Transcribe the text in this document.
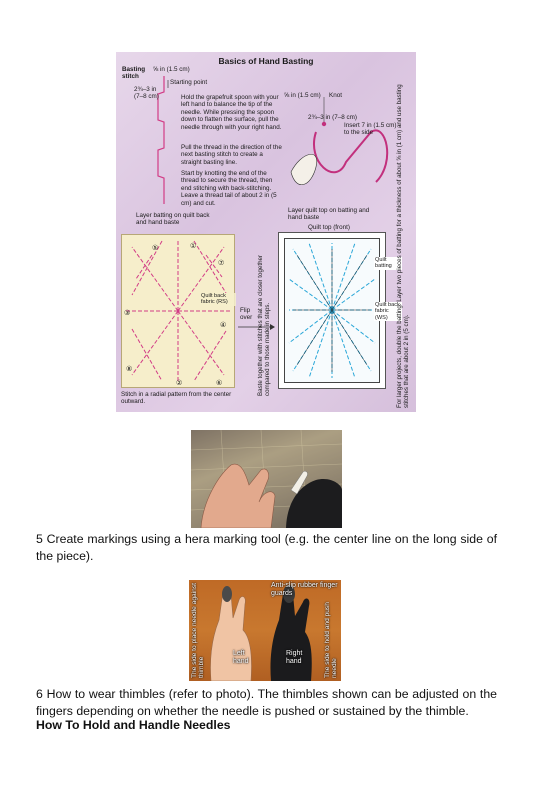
Basics of Hand Basting
Basting stitch
⅝ in (1.5 cm)
Starting point
2¾–3 in (7–8 cm)	Hold the grapefruit spoon with your left hand to balance the tip of the needle. While pressing the spoon down to flatten the surface, pull the needle through with your right hand.
Pull the thread in the direction of the next basting stitch to create a straight basting line.
Start by knotting the end of the thread to secure the thread, then end stitching with back-stitching. Leave a thread tail of about 2 in (5 cm) and cut.
⅝ in (1.5 cm) Knot
2¾–3 in (7–8 cm)
Insert 7 in (1.5 cm) to the side
Layer batting on quilt back and hand baste
Layer quilt top on batting and hand baste
⑤	①
⑦
③
④
⑧
②	⑥
Quilt back fabric (RS)
Flip over
Quilt top (front)
Quilt batting
Quilt back fabric (WS)
Stitch in a radial pattern from the center outward.
Baste together with stitches that are closer together compared to those made in steps.	For larger projects, double the batting. Layer two pieces of batting for a thickness of about ⅝ in (1 cm) and use basting stitches that are about 2 in (5 cm).
5 Create markings using a hera marking tool (e.g. the center line on the long side of the piece).
Anti-slip rubber finger guards
Left hand
Right hand
The side to place needle against thimble	The side to hold and push needle
6 How to wear thimbles (refer to photo). The thimbles shown can be adjusted on the fingers depending on whether the needle is pushed or sustained by the thimble.
How To Hold and Handle Needles
